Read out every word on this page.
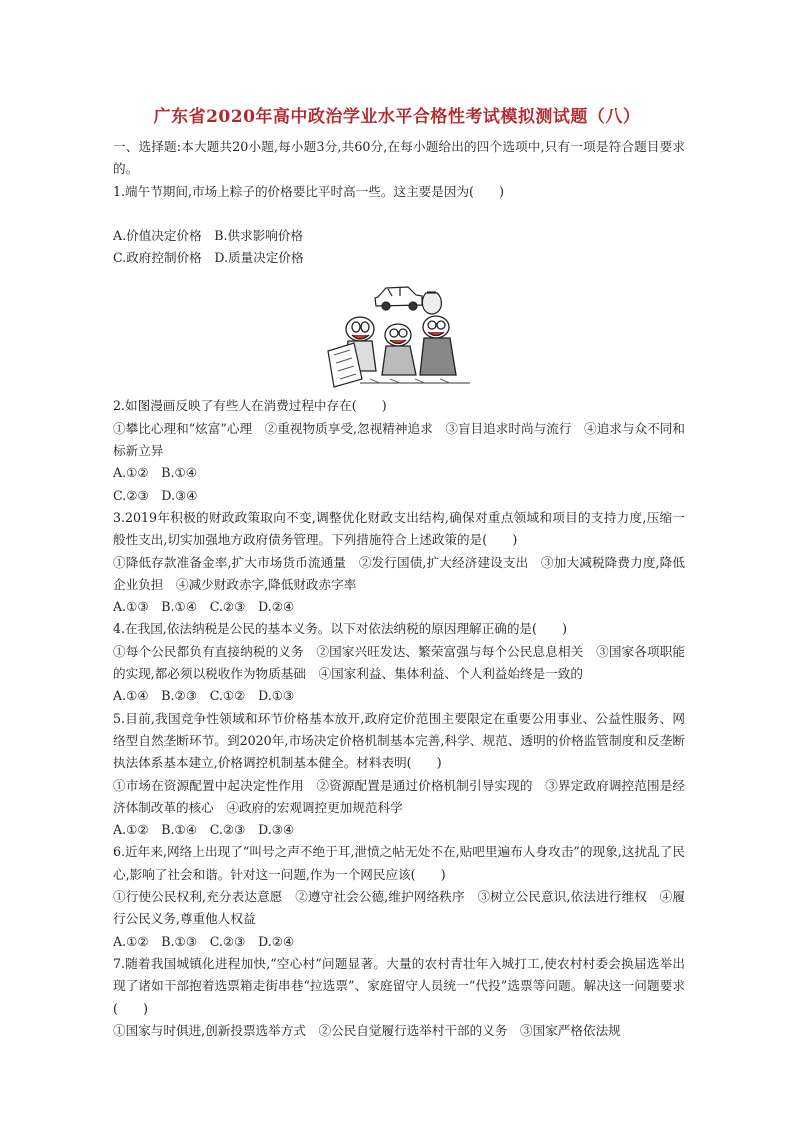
广东省2020年高中政治学业水平合格性考试模拟测试题（八）

一、选择题:本大题共20小题,每小题3分,共60分,在每小题给出的四个选项中,只有一项是符合题目要求的。

1.端午节期间,市场上粽子的价格要比平时高一些。这主要是因为(　　)

A.价值决定价格　B.供求影响价格

C.政府控制价格　D.质量决定价格

2.如图漫画反映了有些人在消费过程中存在(　　)

①攀比心理和“炫富”心理　②重视物质享受,忽视精神追求　③盲目追求时尚与流行　④追求与众不同和标新立异

A.①②　B.①④

C.②③　D.③④

3.2019年积极的财政政策取向不变,调整优化财政支出结构,确保对重点领域和项目的支持力度,压缩一般性支出,切实加强地方政府债务管理。下列措施符合上述政策的是(　　)

①降低存款准备金率,扩大市场货币流通量　②发行国债,扩大经济建设支出　③加大减税降费力度,降低企业负担　④减少财政赤字,降低财政赤字率

A.①③　B.①④　C.②③　D.②④

4.在我国,依法纳税是公民的基本义务。以下对依法纳税的原因理解正确的是(　　)

①每个公民都负有直接纳税的义务　②国家兴旺发达、繁荣富强与每个公民息息相关　③国家各项职能的实现,都必须以税收作为物质基础　④国家利益、集体利益、个人利益始终是一致的

A.①④　B.②③　C.①②　D.①③

5.目前,我国竞争性领域和环节价格基本放开,政府定价范围主要限定在重要公用事业、公益性服务、网络型自然垄断环节。到2020年,市场决定价格机制基本完善,科学、规范、透明的价格监管制度和反垄断执法体系基本建立,价格调控机制基本健全。材料表明(　　)

①市场在资源配置中起决定性作用　②资源配置是通过价格机制引导实现的　③界定政府调控范围是经济体制改革的核心　④政府的宏观调控更加规范科学

A.①②　B.①④　C.②③　D.③④

6.近年来,网络上出现了“叫号之声不绝于耳,泄愤之帖无处不在,贴吧里遍布人身攻击”的现象,这扰乱了民心,影响了社会和谐。针对这一问题,作为一个网民应该(　　)

①行使公民权利,充分表达意愿　②遵守社会公德,维护网络秩序　③树立公民意识,依法进行维权　④履行公民义务,尊重他人权益

A.①②　B.①③　C.②③　D.②④

7.随着我国城镇化进程加快,“空心村”问题显著。大量的农村青壮年入城打工,使农村村委会换届选举出现了诸如干部抱着选票箱走街串巷“拉选票”、家庭留守人员统一“代投”选票等问题。解决这一问题要求(　　)

①国家与时俱进,创新投票选举方式　②公民自觉履行选举村干部的义务　③国家严格依法规
